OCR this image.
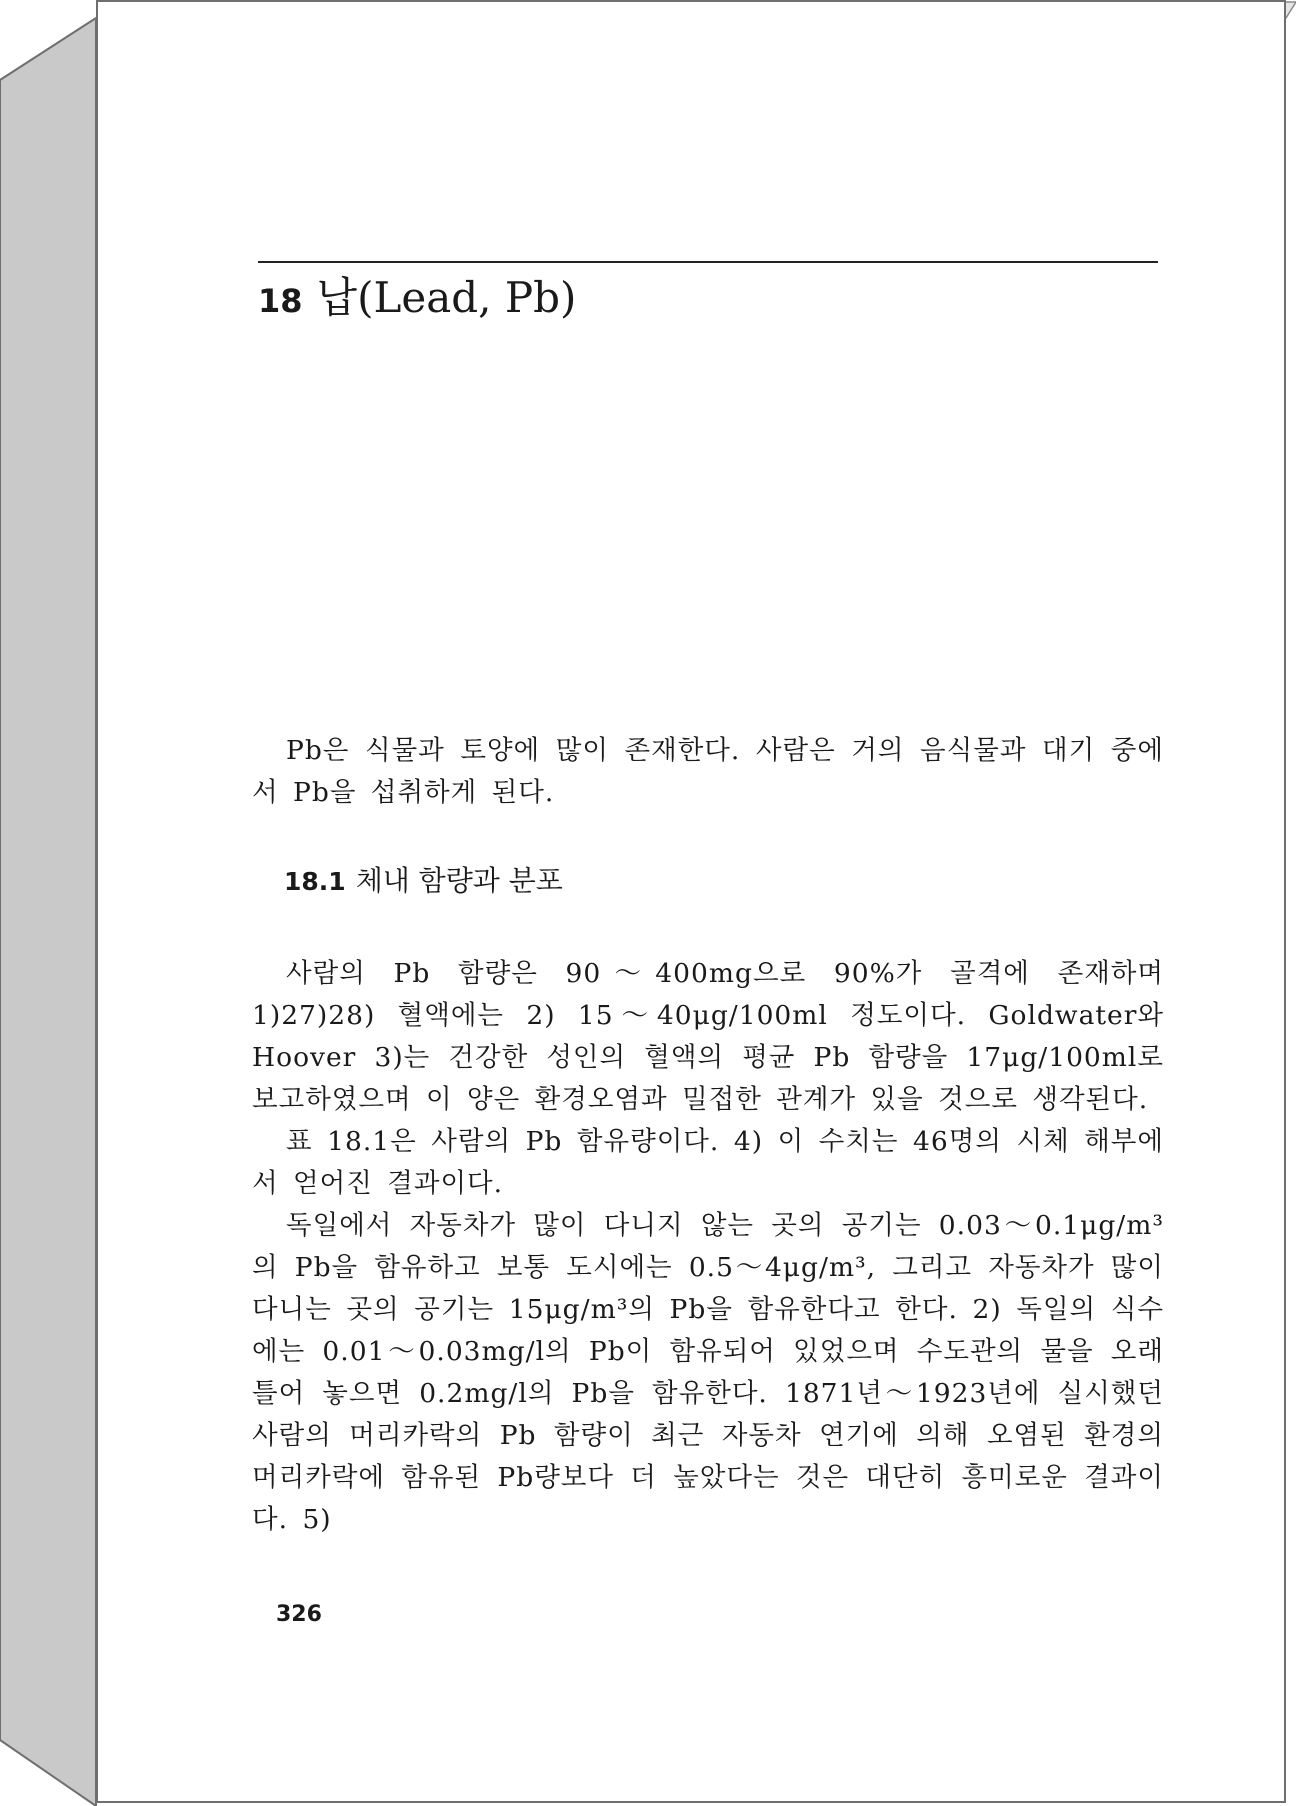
18 납(Lead, Pb)

Pb은 식물과 토양에 많이 존재한다. 사람은 거의 음식물과 대기 중에서 Pb을 섭취하게 된다.

18.1 체내 함량과 분포

사람의 Pb 함량은 90～400mg으로 90%가 골격에 존재하며 1)27)28) 혈액에는 2) 15～40μg/100ml 정도이다. Goldwater와 Hoover 3)는 건강한 성인의 혈액의 평균 Pb 함량을 17μg/100ml로 보고하였으며 이 양은 환경오염과 밀접한 관계가 있을 것으로 생각된다.

표 18.1은 사람의 Pb 함유량이다. 4) 이 수치는 46명의 시체 해부에서 얻어진 결과이다.

독일에서 자동차가 많이 다니지 않는 곳의 공기는 0.03～0.1μg/m³의 Pb을 함유하고 보통 도시에는 0.5～4μg/m³, 그리고 자동차가 많이 다니는 곳의 공기는 15μg/m³의 Pb을 함유한다고 한다. 2) 독일의 식수에는 0.01～0.03mg/l의 Pb이 함유되어 있었으며 수도관의 물을 오래 틀어 놓으면 0.2mg/l의 Pb을 함유한다. 1871년～1923년에 실시했던 사람의 머리카락의 Pb 함량이 최근 자동차 연기에 의해 오염된 환경의 머리카락에 함유된 Pb량보다 더 높았다는 것은 대단히 흥미로운 결과이다. 5)

326
